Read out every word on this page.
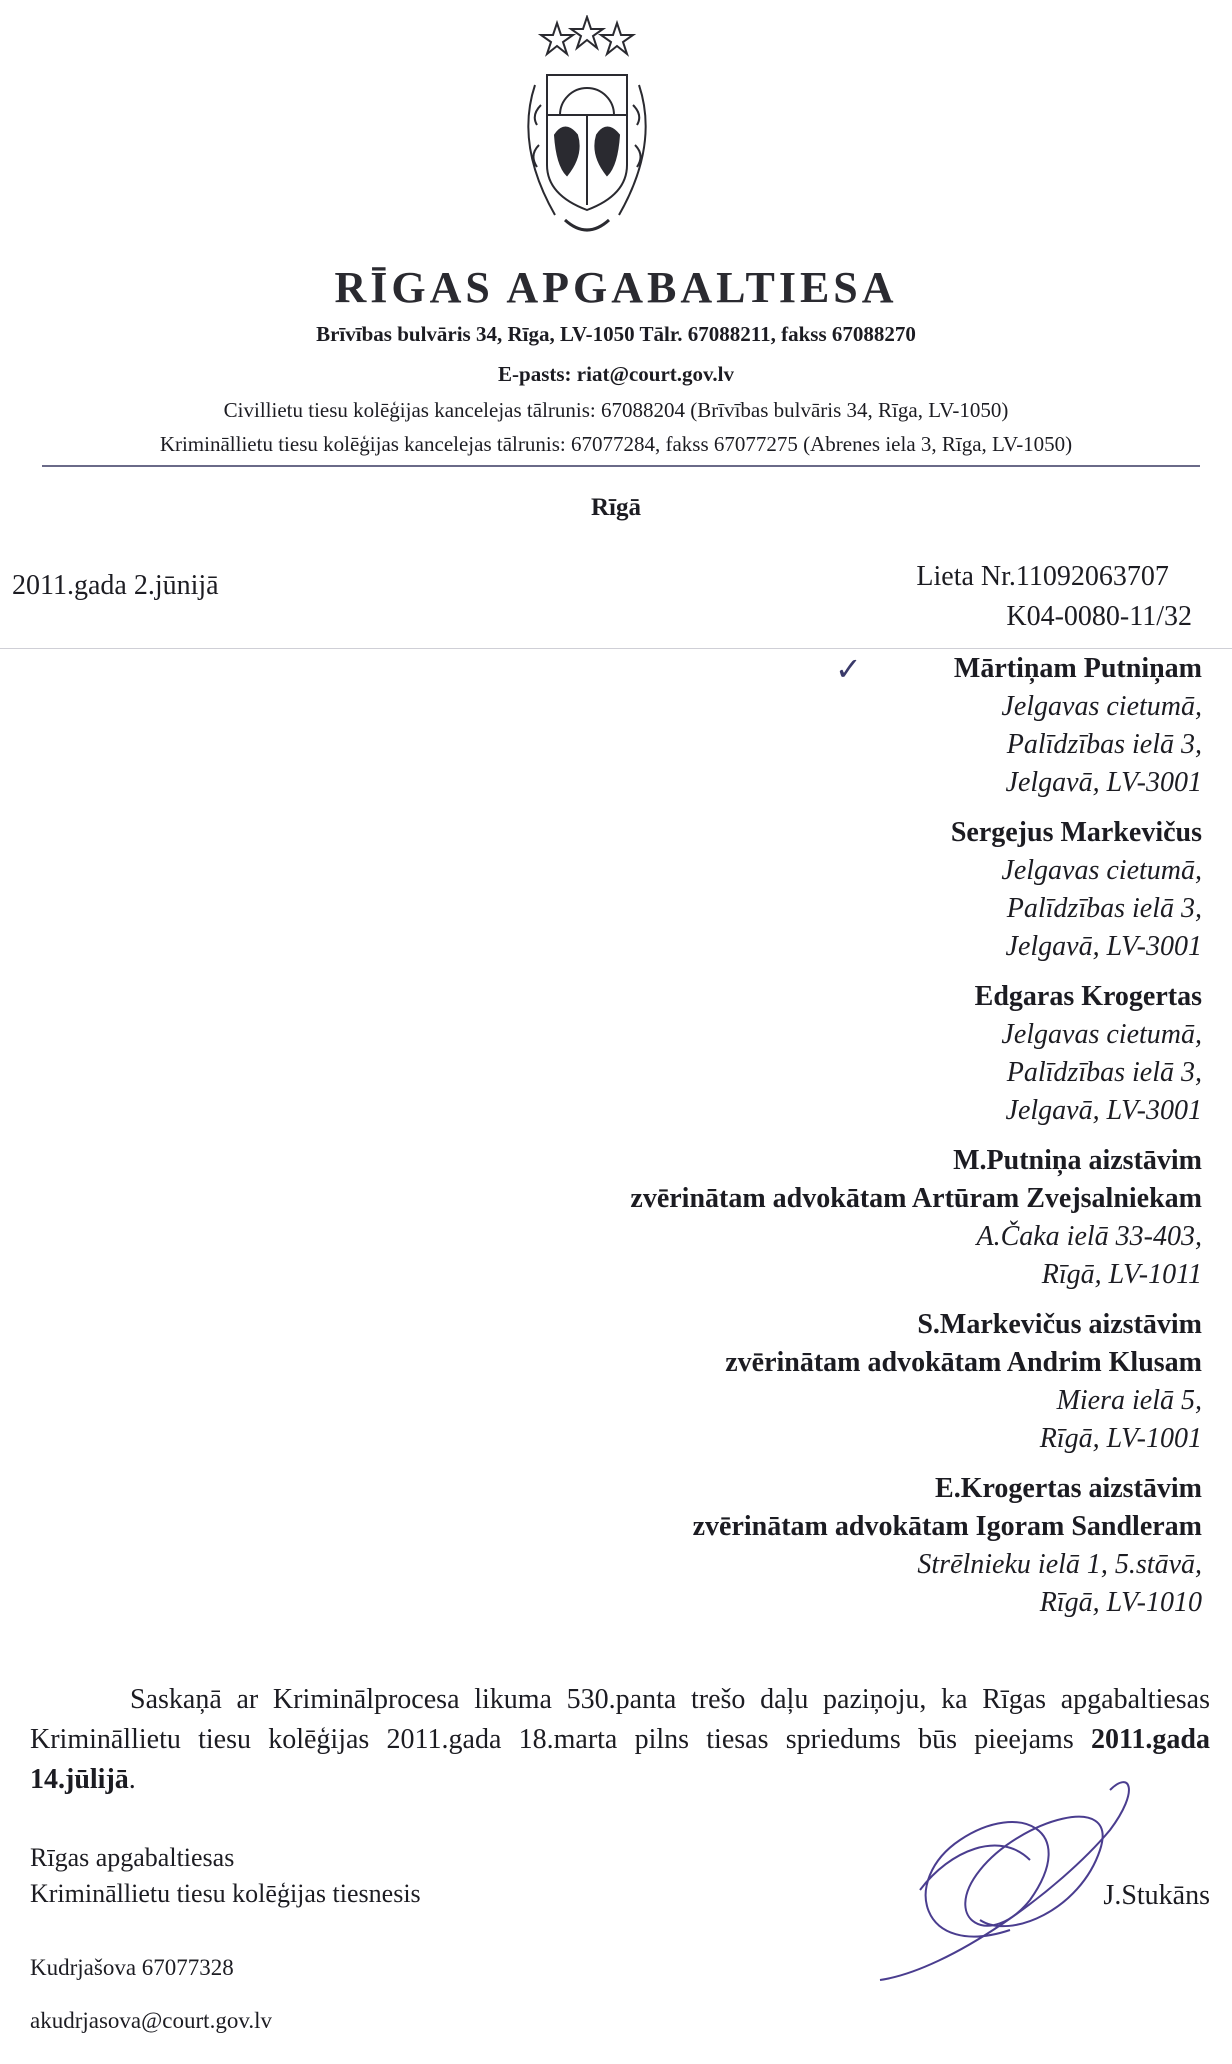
RĪGAS APGABALTIESA
Brīvības bulvāris 34, Rīga, LV-1050 Tālr. 67088211, fakss 67088270
E-pasts: riat@court.gov.lv
Civillietu tiesu kolēģijas kancelejas tālrunis: 67088204 (Brīvības bulvāris 34, Rīga, LV-1050)
Krimināllietu tiesu kolēģijas kancelejas tālrunis: 67077284, fakss 67077275 (Abrenes iela 3, Rīga, LV-1050)
Rīgā
2011.gada 2.jūnijā	Lieta Nr.11092063707
K04-0080-11/32
✓	Mārtiņam Putniņam
Jelgavas cietumā,
Palīdzības ielā 3,
Jelgavā, LV-3001
Sergejus Markevičus
Jelgavas cietumā,
Palīdzības ielā 3,
Jelgavā, LV-3001
Edgaras Krogertas
Jelgavas cietumā,
Palīdzības ielā 3,
Jelgavā, LV-3001
M.Putniņa aizstāvim
zvērinātam advokātam Artūram Zvejsalniekam
A.Čaka ielā 33-403,
Rīgā, LV-1011
S.Markevičus aizstāvim
zvērinātam advokātam Andrim Klusam
Miera ielā 5,
Rīgā, LV-1001
E.Krogertas aizstāvim
zvērinātam advokātam Igoram Sandleram
Strēlnieku ielā 1, 5.stāvā,
Rīgā, LV-1010
Saskaņā ar Kriminālprocesa likuma 530.panta trešo daļu paziņoju, ka Rīgas apgabaltiesas Krimināllietu tiesu kolēģijas 2011.gada 18.marta pilns tiesas spriedums būs pieejams 2011.gada 14.jūlijā.
Rīgas apgabaltiesas
Krimināllietu tiesu kolēģijas tiesnesis	J.Stukāns
Kudrjašova 67077328
akudrjasova@court.gov.lv
